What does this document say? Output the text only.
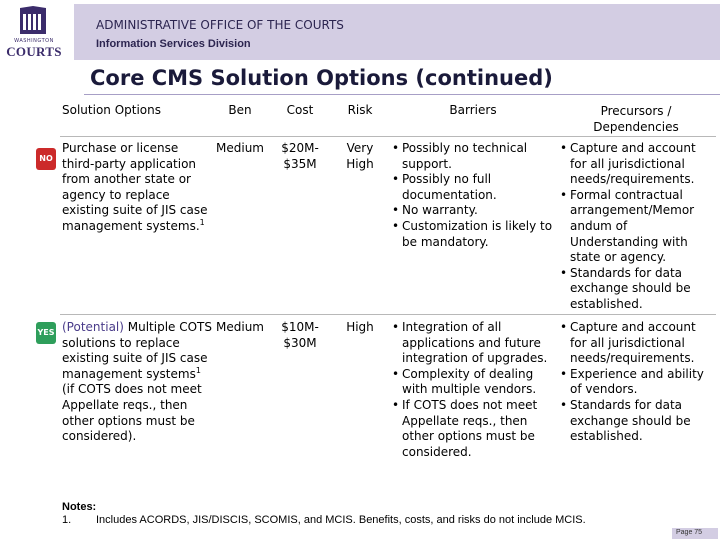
WASHINGTON
COURTS
ADMINISTRATIVE OFFICE OF THE COURTS
Information Services Division
Core CMS Solution Options (continued)
Solution Options	Ben	Cost	Risk	Barriers	Precursors /
Dependencies
NO
Purchase or license third-party application from another state or agency to replace existing suite of JIS case management systems.$^1$
Medium	$20M-
$35M
Very
High
• Possibly no technical support.
• Possibly no full documentation.
• No warranty.
• Customization is likely to be mandatory.
• Capture and account for all jurisdictional needs/requirements.
• Formal contractual arrangement/Memor andum of Understanding with state or agency.
• Standards for data exchange should be established.
YES (Potential) Multiple COTS solutions to replace existing suite of JIS case management systems$^1$ (if COTS does not meet Appellate reqs., then other options must be considered).
Medium	$10M-
$30M
High
•	Integration of all applications and future integration of upgrades.
• Complexity of dealing with multiple vendors.
• If COTS does not meet Appellate reqs., then other options must be considered.
• Capture and account for all jurisdictional needs/requirements.
• Experience and ability of vendors.
• Standards for data exchange should be established.
Notes:
1. Includes ACORDS, JIS/DISCIS, SCOMIS, and MCIS. Benefits, costs, and risks do not include MCIS.
Page 75
